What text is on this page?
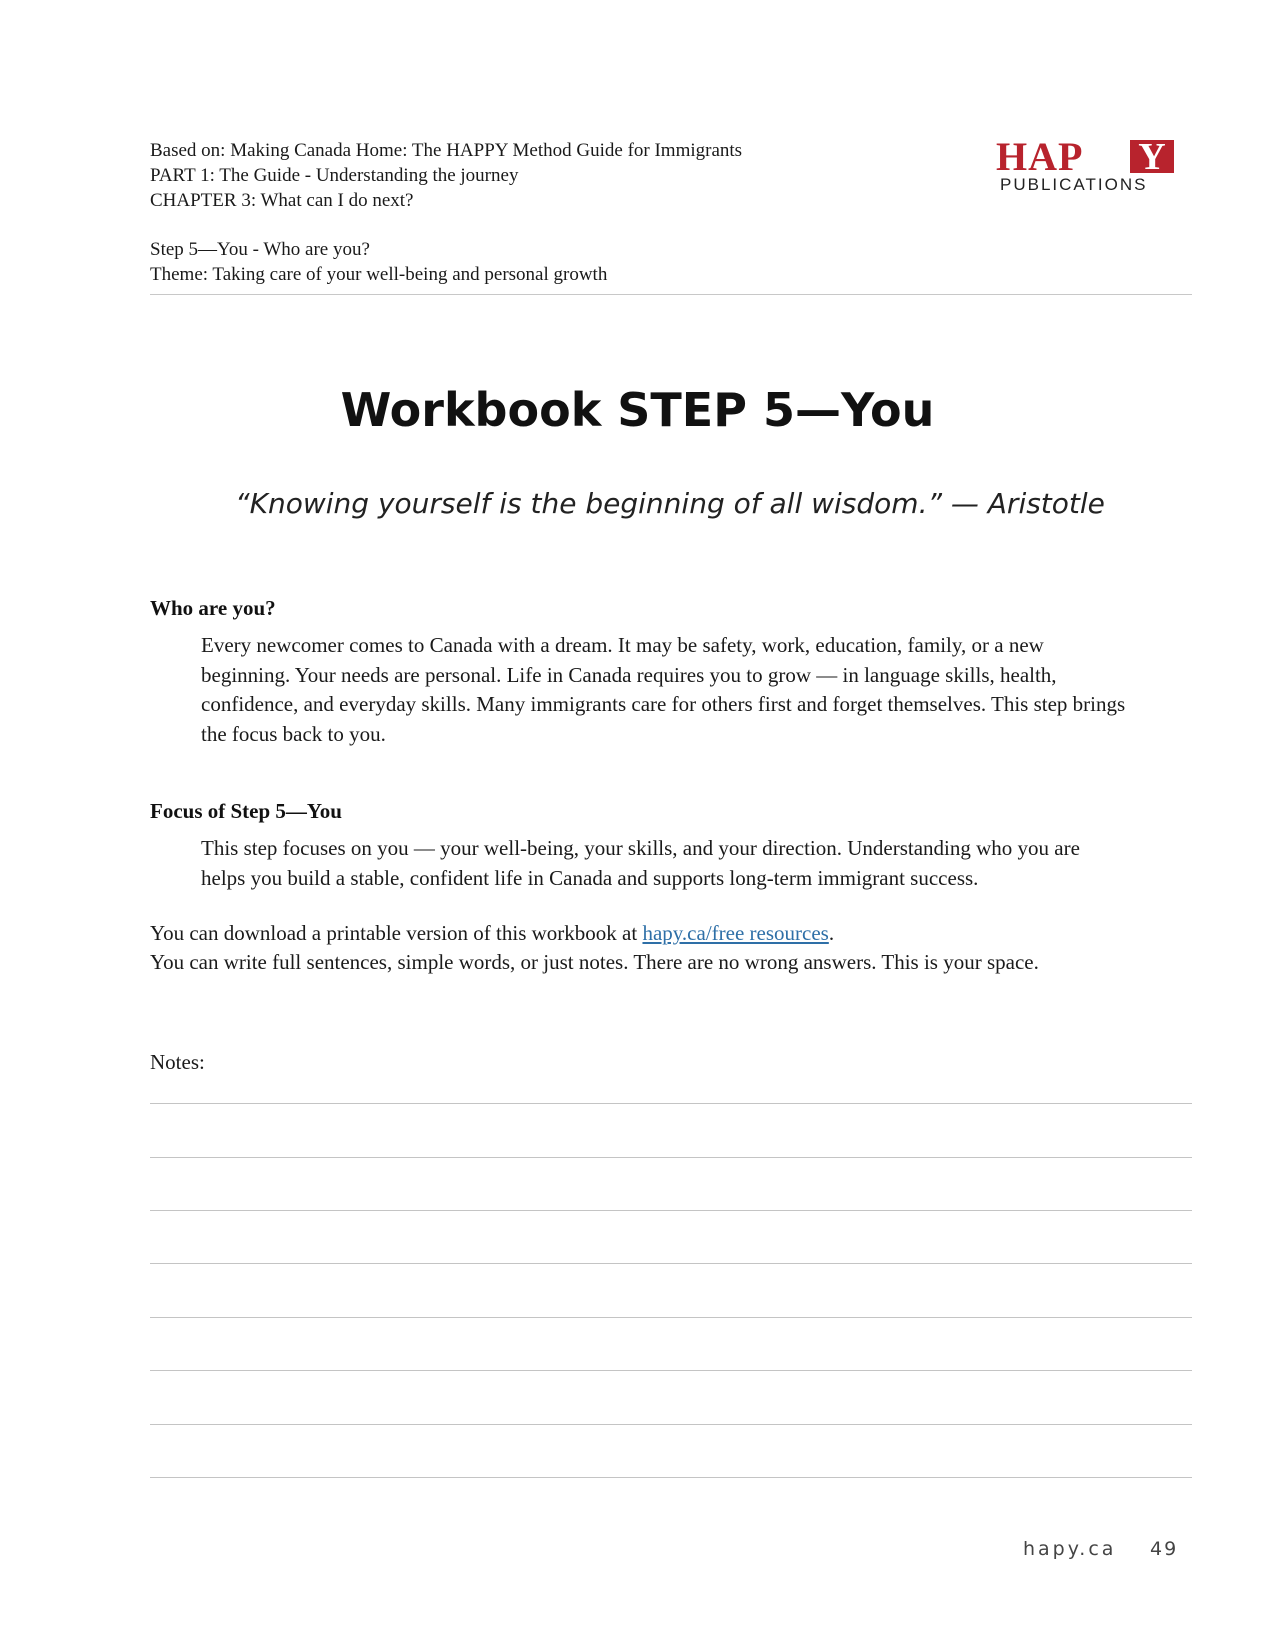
Based on: Making Canada Home: The HAPPY Method Guide for Immigrants
PART 1: The Guide - Understanding the journey
CHAPTER 3: What can I do next?
Step 5—You - Who are you?
Theme: Taking care of your well-being and personal growth
HAP Y
PUBLICATIONS
Workbook STEP 5—You
“Knowing yourself is the beginning of all wisdom.” — Aristotle
Who are you?
Every newcomer comes to Canada with a dream. It may be safety, work, education, family, or a new beginning. Your needs are personal. Life in Canada requires you to grow — in language skills, health, confidence, and everyday skills. Many immigrants care for others first and forget themselves. This step brings the focus back to you.
Focus of Step 5—You
This step focuses on you — your well-being, your skills, and your direction. Understanding who you are helps you build a stable, confident life in Canada and supports long-term immigrant success.
You can download a printable version of this workbook at hapy.ca/free resources.
You can write full sentences, simple words, or just notes. There are no wrong answers. This is your space.
Notes:
hapy.ca 49
